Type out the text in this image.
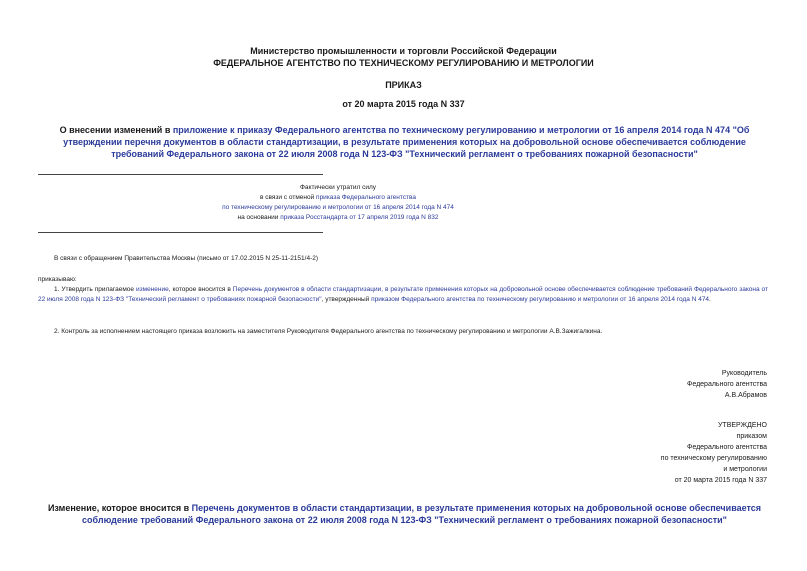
Министерство промышленности и торговли Российской Федерации
ФЕДЕРАЛЬНОЕ АГЕНТСТВО ПО ТЕХНИЧЕСКОМУ РЕГУЛИРОВАНИЮ И МЕТРОЛОГИИ
ПРИКАЗ
от 20 марта 2015 года N 337
О внесении изменений в приложение к приказу Федерального агентства по техническому регулированию и метрологии от 16 апреля 2014 года N 474 "Об утверждении перечня документов в области стандартизации, в результате применения которых на добровольной основе обеспечивается соблюдение требований Федерального закона от 22 июля 2008 года N 123-ФЗ "Технический регламент о требованиях пожарной безопасности"
Фактически утратил силу
в связи с отменой приказа Федерального агентства
по техническому регулированию и метрологии от 16 апреля 2014 года N 474
на основании приказа Росстандарта от 17 апреля 2019 года N 832
В связи с обращением Правительства Москвы (письмо от 17.02.2015 N 25-11-2151/4-2)
приказываю:
1. Утвердить прилагаемое изменение, которое вносится в Перечень документов в области стандартизации, в результате применения которых на добровольной основе обеспечивается соблюдение требований Федерального закона от 22 июля 2008 года N 123-ФЗ "Технический регламент о требованиях пожарной безопасности", утвержденный приказом Федерального агентства по техническому регулированию и метрологии от 16 апреля 2014 года N 474.
2. Контроль за исполнением настоящего приказа возложить на заместителя Руководителя Федерального агентства по техническому регулированию и метрологии А.В.Зажигалкина.
Руководитель
Федерального агентства
А.В.Абрамов
УТВЕРЖДЕНО
приказом
Федерального агентства
по техническому регулированию
и метрологии
от 20 марта 2015 года N 337
Изменение, которое вносится в Перечень документов в области стандартизации, в результате применения которых на добровольной основе обеспечивается соблюдение требований Федерального закона от 22 июля 2008 года N 123-ФЗ "Технический регламент о требованиях пожарной безопасности"
